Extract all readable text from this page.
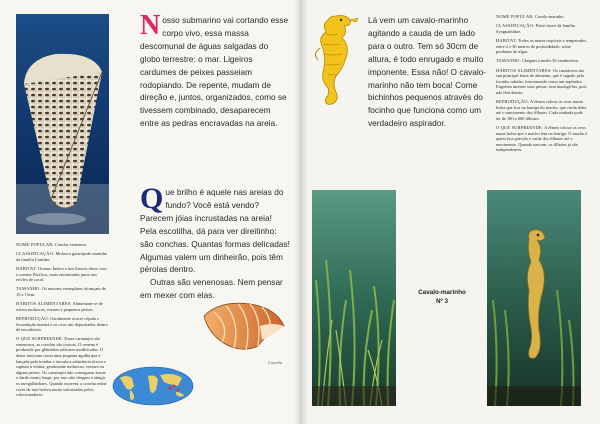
NOME POPULAR: Concha venenosa.

CLASSIFICAÇÃO: Molusco gastrópode marinho da família Conidae.

HABITAT: Oceano Índico e nos litorais desse com o oceano Pacífico, mais encontradas junto aos recifes de coral.

TAMANHO: Os maiores exemplares alcançam de 10 a 15cm.

HÁBITOS ALIMENTARES: Alimentam-se de outros moluscos, vermes e pequenos peixes.

REPRODUÇÃO: Geralmente ocorre cópula e fecundação interna e os ovos são depositados dentro de envoltórios.

O QUE SURPREENDE: Esses caramujos são venenosos, as conchas são tóxicas. O veneno é produzido por glândulas salivares modificadas. O dente funciona como uma pequena agulha que é lançada pela tromba e inocula a substância tóxica e captura a vítima, geralmente moluscos, vermes ou alguns peixes. Os caramujos não conseguem atacar o dardo muito longe, por isso não chegam a atingir os mergulhadores. Quando morrem, a concha reúne cores de rara beleza muito valorizadas pelos colecionadores.

Nosso submarino vai cortando esse corpo vivo, essa massa descomunal de águas salgadas do globo terrestre: o mar. Ligeiros cardumes de peixes passeiam rodopiando. De repente, mudam de direção e, juntos, organizados, como se tivessem combinado, desaparecem entre as pedras encravadas na areia.

Que brilho é aquele nas areias do fundo? Você está vendo? Parecem jóias incrustadas na areia! Pela escotilha, dá para ver direitinho: são conchas. Quantas formas delicadas! Algumas valem um dinheirão, pois têm pérolas dentro.

Outras são venenosas. Nem pensar em mexer com elas.

Concha

Lá vem um cavalo-marinho agitando a cauda de um lado para o outro. Tem só 30cm de altura, é todo enrugado e muito imponente. Essa não! O cavalo-marinho não tem boca! Come bichinhos pequenos através do focinho que funciona como um verdadeiro aspirador.

NOME POPULAR: Cavalo-marinho.

CLASSIFICAÇÃO: Peixe ósseo da família Syngnathidae.

HABITAT: Todos os mares tropicais e temperados, entre 2 e 30 metros de profundidade, sobre pradarias de algas.

TAMANHO: Chegam a medir 30 centímetros.

HÁBITOS ALIMENTARES: Os crustáceos são sua principal fonte de alimento, que é sugado pelo focinho tubular, funcionando como um aspirador. Engolem inteiras suas presas, sem mastigá-las, pois não têm dentes.

REPRODUÇÃO: A fêmea coloca os ovos numa bolsa que fica na barriga do macho, que cuida deles até o nascimento dos filhotes. Cada ninhada pode ter de 100 a 600 filhotes.

O QUE SURPREENDE: A fêmea coloca os ovos numa bolsa que o macho tem na barriga. O macho é quem fica grávido e cuida dos filhotes até o nascimento. Quando nascem, os filhotes já são independentes.

Cavalo-marinho
Nº 3
